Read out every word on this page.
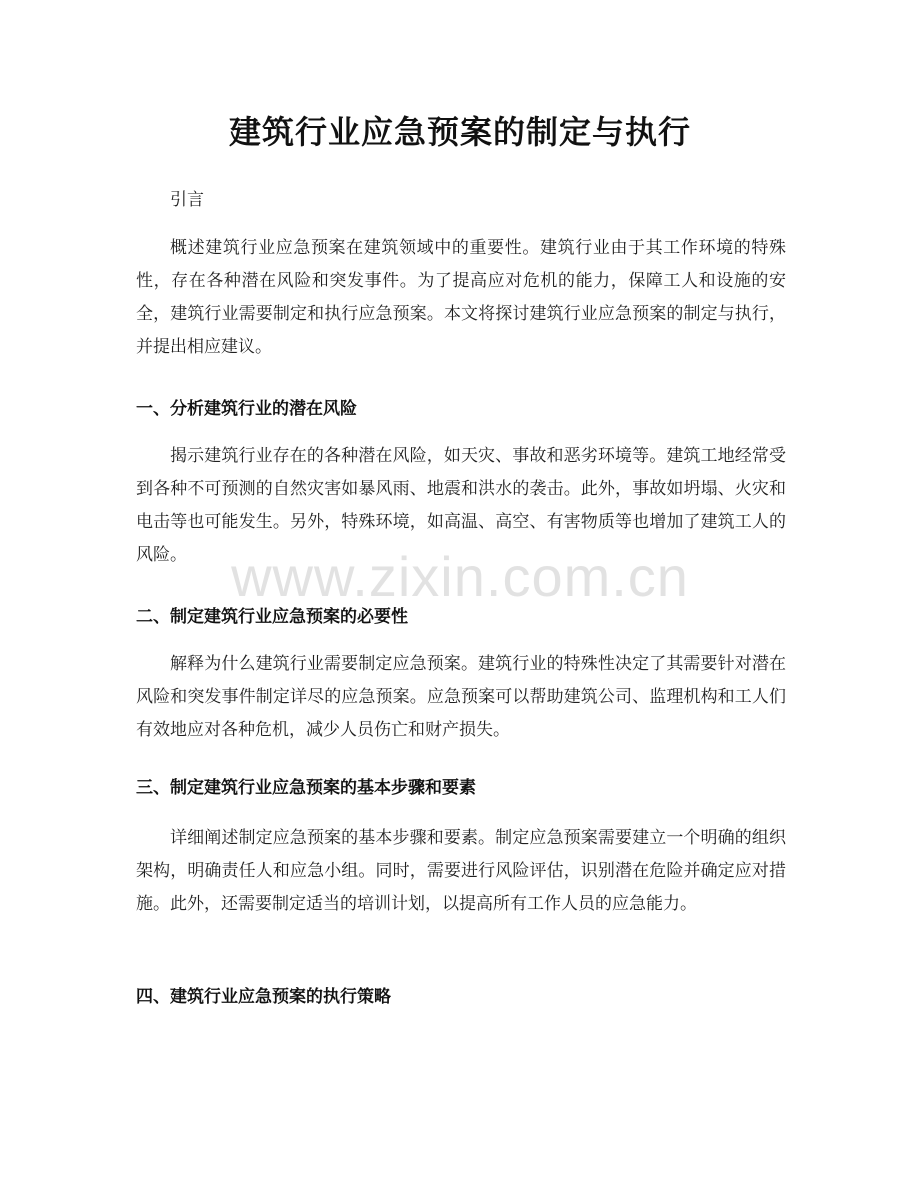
建筑行业应急预案的制定与执行

引言

概述建筑行业应急预案在建筑领域中的重要性。建筑行业由于其工作环境的特殊性，存在各种潜在风险和突发事件。为了提高应对危机的能力，保障工人和设施的安全，建筑行业需要制定和执行应急预案。本文将探讨建筑行业应急预案的制定与执行，并提出相应建议。

一、分析建筑行业的潜在风险

揭示建筑行业存在的各种潜在风险，如天灾、事故和恶劣环境等。建筑工地经常受到各种不可预测的自然灾害如暴风雨、地震和洪水的袭击。此外，事故如坍塌、火灾和电击等也可能发生。另外，特殊环境，如高温、高空、有害物质等也增加了建筑工人的风险。

二、制定建筑行业应急预案的必要性

解释为什么建筑行业需要制定应急预案。建筑行业的特殊性决定了其需要针对潜在风险和突发事件制定详尽的应急预案。应急预案可以帮助建筑公司、监理机构和工人们有效地应对各种危机，减少人员伤亡和财产损失。

三、制定建筑行业应急预案的基本步骤和要素

详细阐述制定应急预案的基本步骤和要素。制定应急预案需要建立一个明确的组织架构，明确责任人和应急小组。同时，需要进行风险评估，识别潜在危险并确定应对措施。此外，还需要制定适当的培训计划，以提高所有工作人员的应急能力。

四、建筑行业应急预案的执行策略
www.zixin.com.cn
